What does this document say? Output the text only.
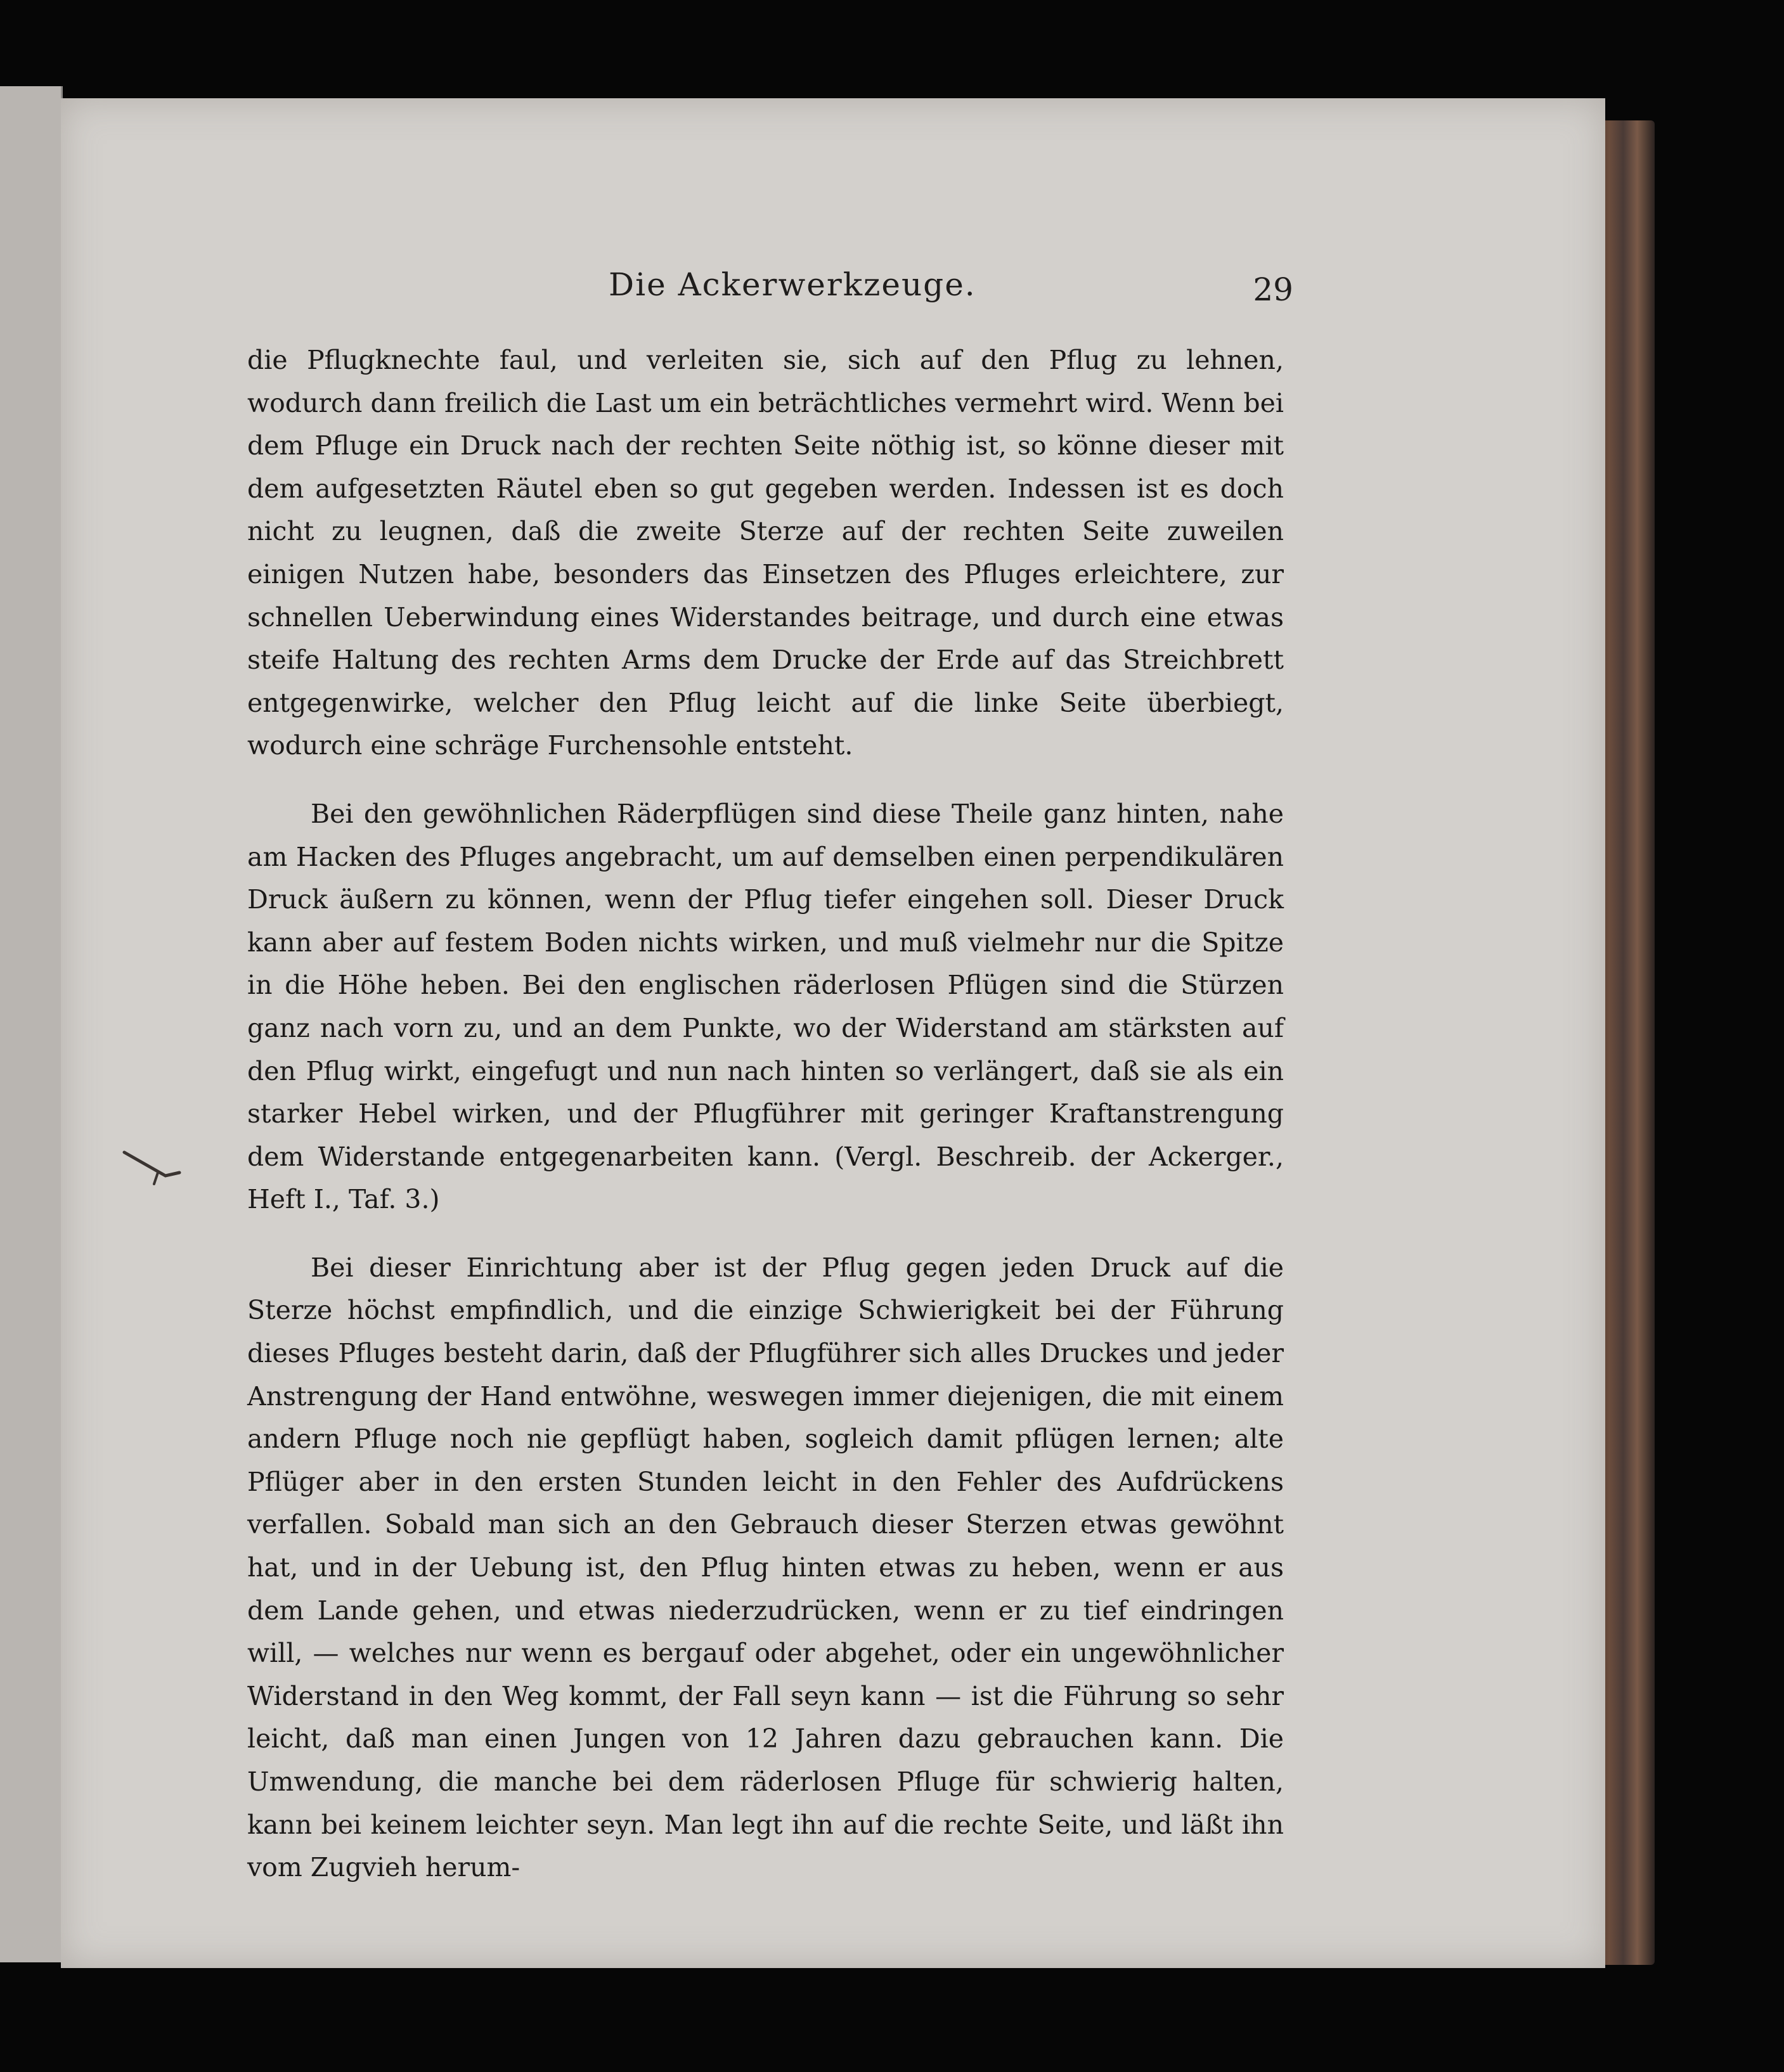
Die Ackerwerkzeuge.	29

die Pflugknechte faul, und verleiten sie, sich auf den Pflug zu lehnen, wodurch dann freilich die Last um ein beträchtliches vermehrt wird. Wenn bei dem Pfluge ein Druck nach der rechten Seite nöthig ist, so könne dieser mit dem aufgesetzten Räutel eben so gut gegeben werden. Indessen ist es doch nicht zu leugnen, daß die zweite Sterze auf der rechten Seite zuweilen einigen Nutzen habe, besonders das Einsetzen des Pfluges erleichtere, zur schnellen Ueberwindung eines Widerstandes beitrage, und durch eine etwas steife Haltung des rechten Arms dem Drucke der Erde auf das Streichbrett entgegenwirke, welcher den Pflug leicht auf die linke Seite überbiegt, wodurch eine schräge Furchensohle entsteht.

Bei den gewöhnlichen Räderpflügen sind diese Theile ganz hinten, nahe am Hacken des Pfluges angebracht, um auf demselben einen perpendikulären Druck äußern zu können, wenn der Pflug tiefer eingehen soll. Dieser Druck kann aber auf festem Boden nichts wirken, und muß vielmehr nur die Spitze in die Höhe heben. Bei den englischen räderlosen Pflügen sind die Stürzen ganz nach vorn zu, und an dem Punkte, wo der Widerstand am stärksten auf den Pflug wirkt, eingefugt und nun nach hinten so verlängert, daß sie als ein starker Hebel wirken, und der Pflugführer mit geringer Kraftanstrengung dem Widerstande entgegenarbeiten kann. (Vergl. Beschreib. der Ackerger., Heft I., Taf. 3.)

Bei dieser Einrichtung aber ist der Pflug gegen jeden Druck auf die Sterze höchst empfindlich, und die einzige Schwierigkeit bei der Führung dieses Pfluges besteht darin, daß der Pflugführer sich alles Druckes und jeder Anstrengung der Hand entwöhne, weswegen immer diejenigen, die mit einem andern Pfluge noch nie gepflügt haben, sogleich damit pflügen lernen; alte Pflüger aber in den ersten Stunden leicht in den Fehler des Aufdrückens verfallen. Sobald man sich an den Gebrauch dieser Sterzen etwas gewöhnt hat, und in der Uebung ist, den Pflug hinten etwas zu heben, wenn er aus dem Lande gehen, und etwas niederzudrücken, wenn er zu tief eindringen will, — welches nur wenn es bergauf oder abgehet, oder ein ungewöhnlicher Widerstand in den Weg kommt, der Fall seyn kann — ist die Führung so sehr leicht, daß man einen Jungen von 12 Jahren dazu gebrauchen kann. Die Umwendung, die manche bei dem räderlosen Pfluge für schwierig halten, kann bei keinem leichter seyn. Man legt ihn auf die rechte Seite, und läßt ihn vom Zugvieh herum-
